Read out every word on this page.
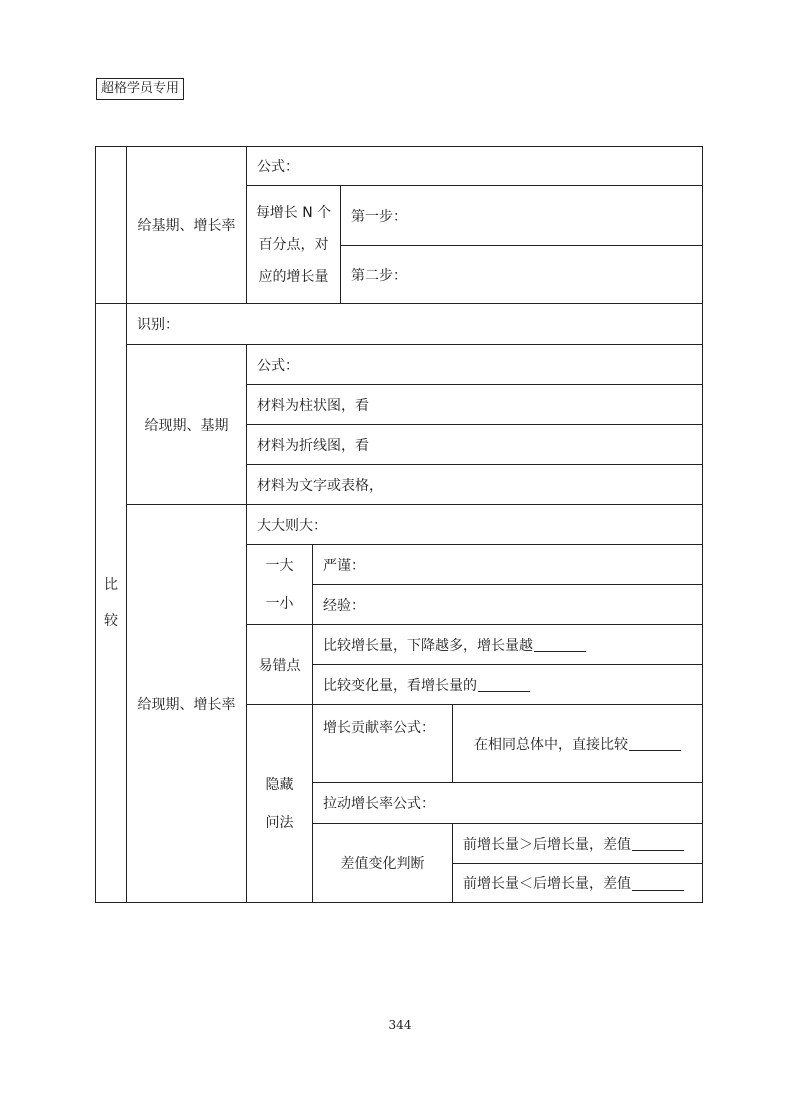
超格学员专用
给基期、增长率
公式：
每增长 N 个
百分点，对
应的增长量
第一步：
第二步：
比
较
识别：
给现期、基期
公式：
材料为柱状图，看
材料为折线图，看
材料为文字或表格，
给现期、增长率
大大则大：
一大
一小
严谨：
经验：
易错点
比较增长量，下降越多，增长量越
比较变化量，看增长量的
隐藏
问法
增长贡献率公式：
在相同总体中，直接比较
拉动增长率公式：
差值变化判断
前增长量＞后增长量，差值
前增长量＜后增长量，差值
344
